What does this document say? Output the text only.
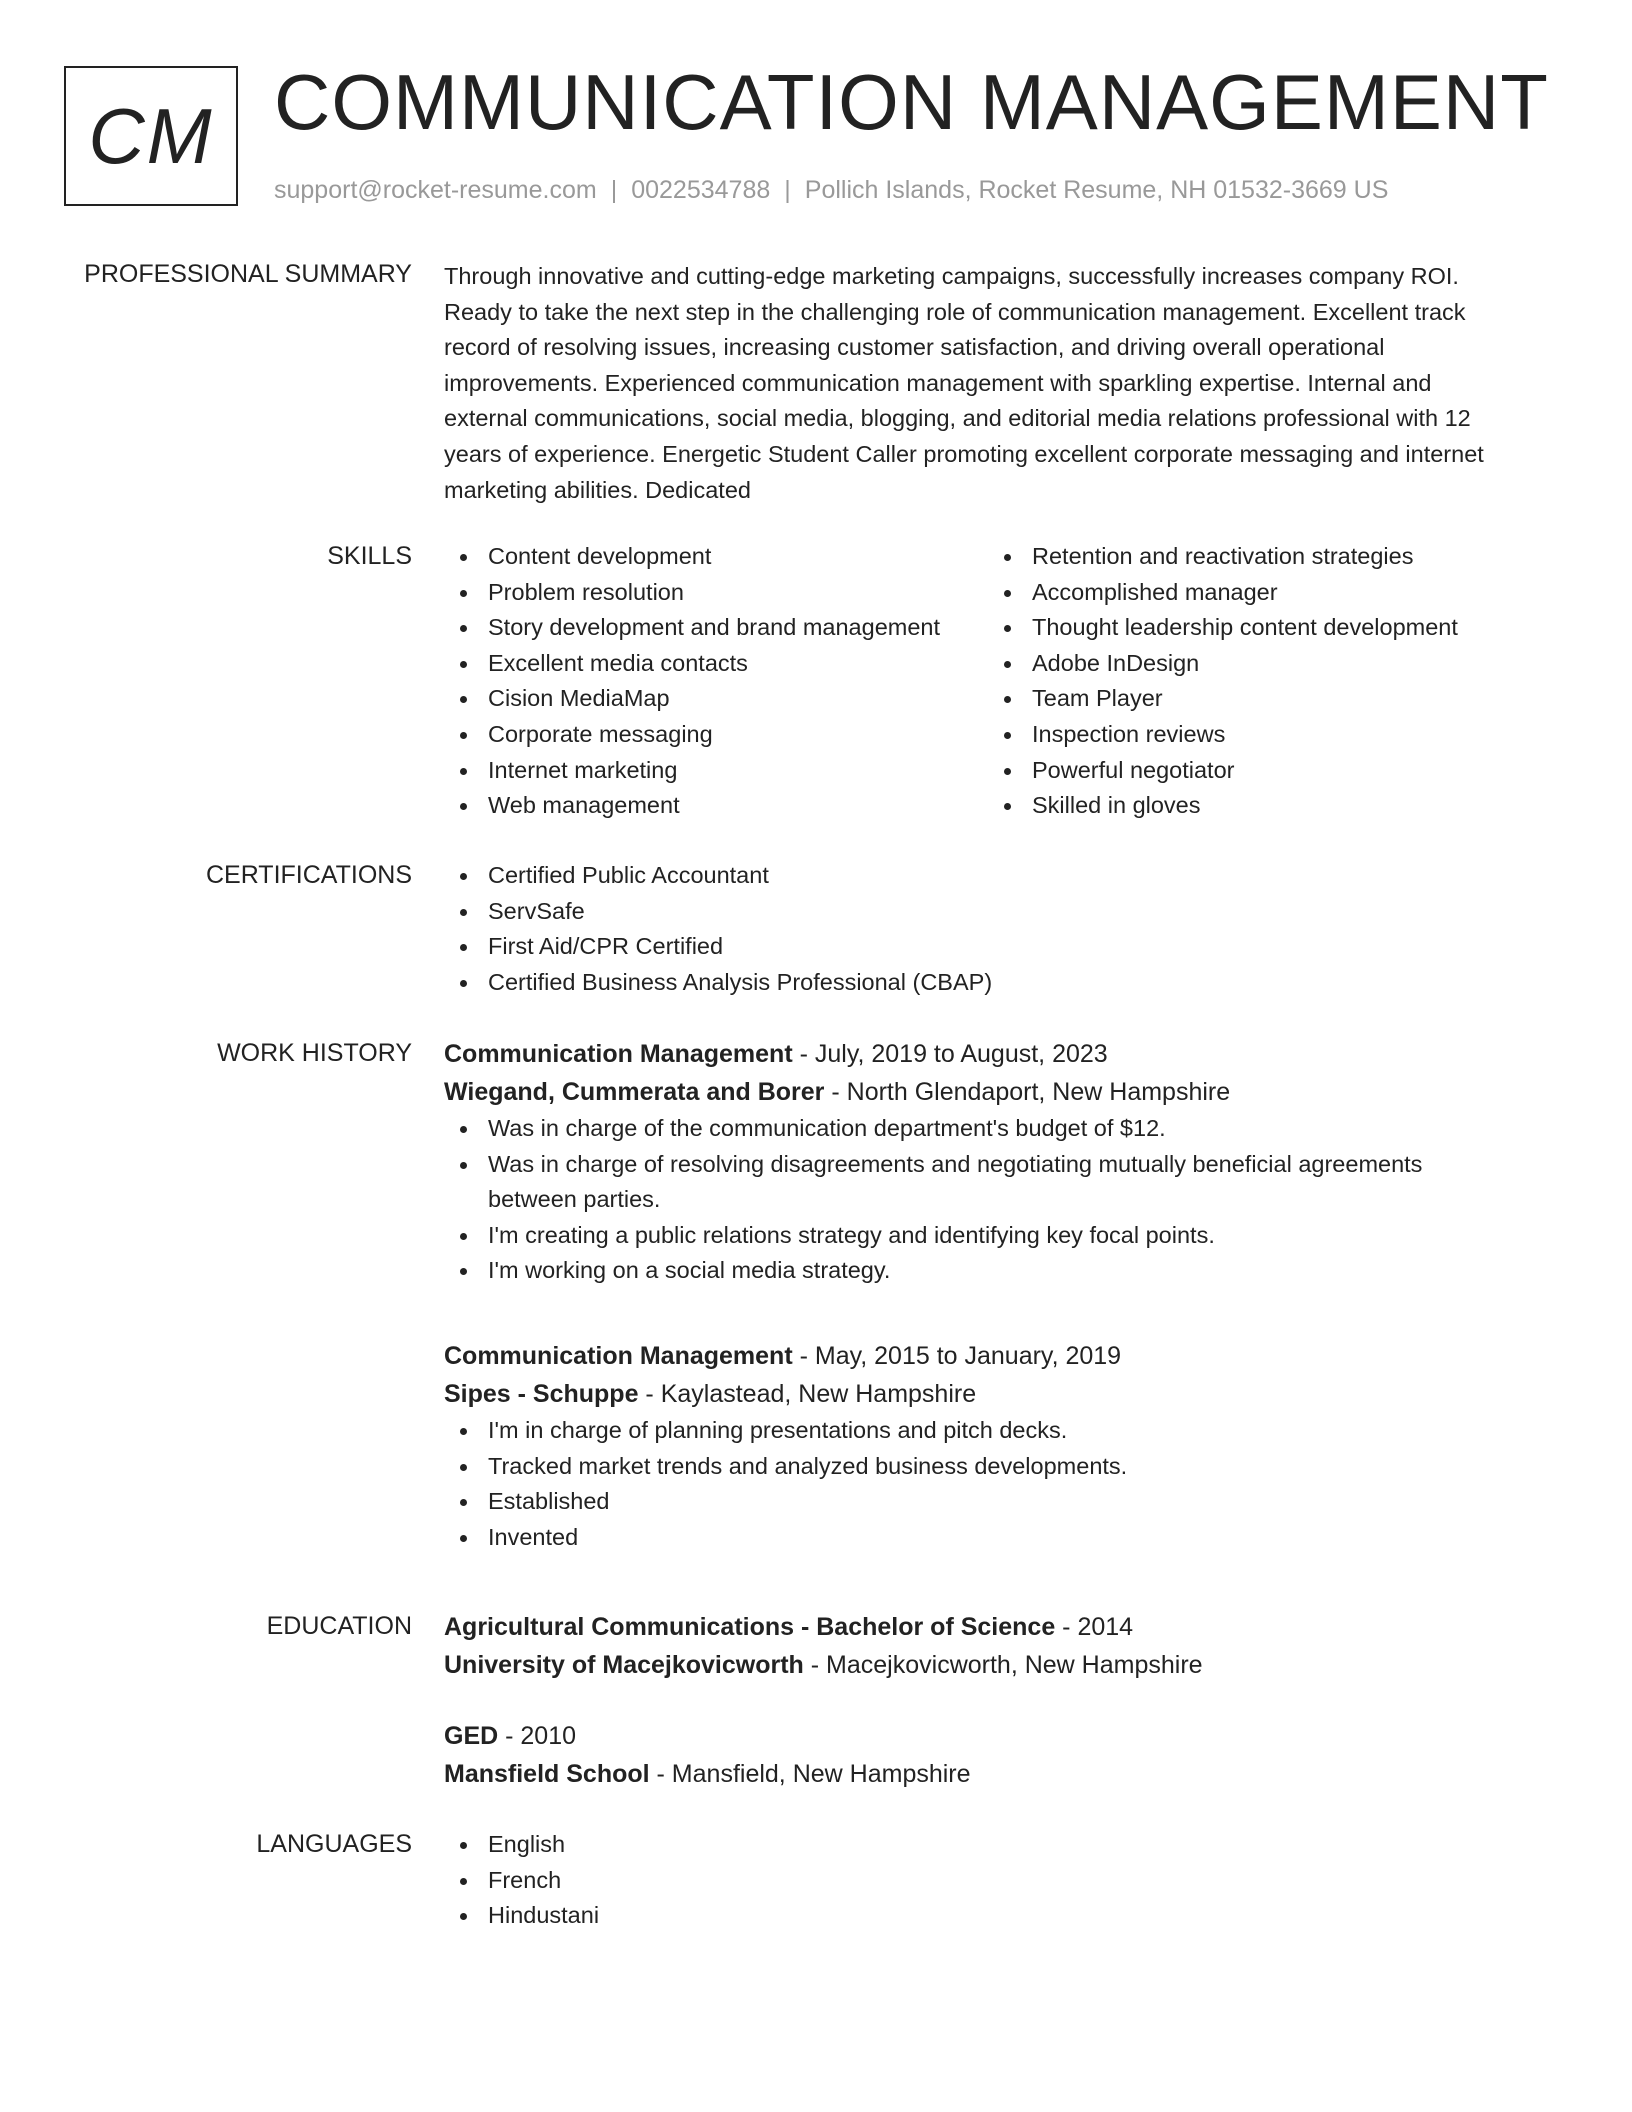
CM COMMUNICATION MANAGEMENT
support@rocket-resume.com | 0022534788 | Pollich Islands, Rocket Resume, NH 01532-3669 US
PROFESSIONAL SUMMARY Through innovative and cutting-edge marketing campaigns, successfully increases company ROI.
Ready to take the next step in the challenging role of communication management. Excellent track
record of resolving issues, increasing customer satisfaction, and driving overall operational
improvements. Experienced communication management with sparkling expertise. Internal and
external communications, social media, blogging, and editorial media relations professional with 12
years of experience. Energetic Student Caller promoting excellent corporate messaging and internet
marketing abilities. Dedicated
SKILLS	Content development
Problem resolution
Story development and brand management
Excellent media contacts
Cision MediaMap
Corporate messaging
Internet marketing
Web management
Retention and reactivation strategies
Accomplished manager
Thought leadership content development
Adobe InDesign
Team Player
Inspection reviews
Powerful negotiator
Skilled in gloves
CERTIFICATIONS	Certified Public Accountant
ServSafe
First Aid/CPR Certified
Certified Business Analysis Professional (CBAP)
WORK HISTORY Communication Management - July, 2019 to August, 2023
Wiegand, Cummerata and Borer - North Glendaport, New Hampshire
Was in charge of the communication department's budget of $12.
Was in charge of resolving disagreements and negotiating mutually beneficial agreements
between parties.
I'm creating a public relations strategy and identifying key focal points.
I'm working on a social media strategy.
Communication Management - May, 2015 to January, 2019
Sipes - Schuppe - Kaylastead, New Hampshire
I'm in charge of planning presentations and pitch decks.
Tracked market trends and analyzed business developments.
Established
Invented
EDUCATION Agricultural Communications - Bachelor of Science - 2014
University of Macejkovicworth - Macejkovicworth, New Hampshire
GED - 2010
Mansfield School - Mansfield, New Hampshire
LANGUAGES	English
French
Hindustani
